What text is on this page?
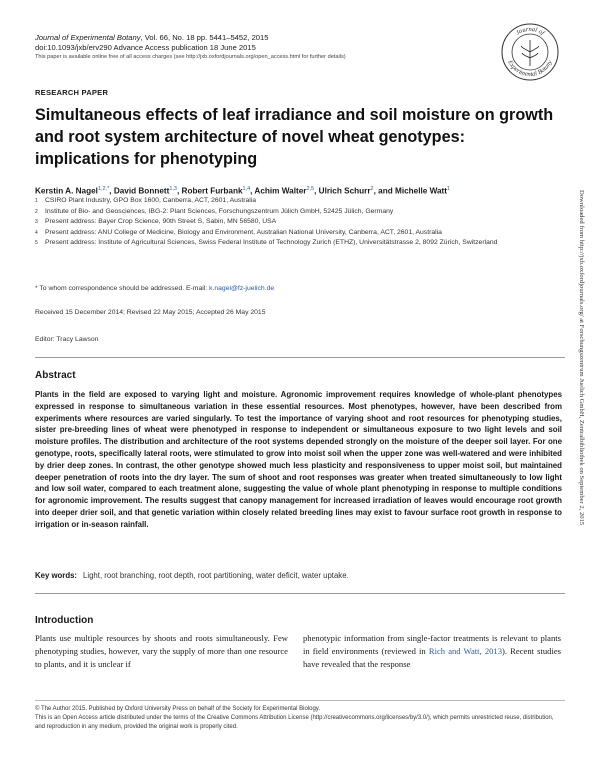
Journal of Experimental Botany, Vol. 66, No. 18 pp. 5441–5452, 2015
doi:10.1093/jxb/erv290 Advance Access publication 18 June 2015
This paper is available online free of all access charges (see http://jxb.oxfordjournals.org/open_access.html for further details)
Journal of
Experimental Botany
RESEARCH PAPER
Simultaneous effects of leaf irradiance and soil moisture on growth and root system architecture of novel wheat genotypes: implications for phenotyping
Kerstin A. Nagel$^{1,2,*}$, David Bonnett$^{1,3}$, Robert Furbank$^{1,4}$, Achim Walter$^{2,5}$, Ulrich Schurr$^2$, and Michelle Watt$^1$
1	CSIRO Plant Industry, GPO Box 1600, Canberra, ACT, 2601, Australia
2	Institute of Bio- and Geosciences, IBG-2: Plant Sciences, Forschungszentrum Jülich GmbH, 52425 Jülich, Germany
3	Present address: Bayer Crop Science, 90th Street S, Sabin, MN 56580, USA
4	Present address: ANU College of Medicine, Biology and Environment, Australian National University, Canberra, ACT, 2601, Australia
5	Present address: Institute of Agricultural Sciences, Swiss Federal Institute of Technology Zurich (ETHZ), Universitätstrasse 2, 8092 Zürich, Switzerland
* To whom correspondence should be addressed. E-mail: k.nagel@fz-juelich.de
Received 15 December 2014; Revised 22 May 2015; Accepted 26 May 2015
Editor: Tracy Lawson
Abstract

Plants in the field are exposed to varying light and moisture. Agronomic improvement requires knowledge of whole-plant phenotypes expressed in response to simultaneous variation in these essential resources. Most phenotypes, however, have been described from experiments where resources are varied singularly. To test the importance of varying shoot and root resources for phenotyping studies, sister pre-breeding lines of wheat were phenotyped in response to independent or simultaneous exposure to two light levels and soil moisture profiles. The distribution and architecture of the root systems depended strongly on the moisture of the deeper soil layer. For one genotype, roots, specifically lateral roots, were stimulated to grow into moist soil when the upper zone was well-watered and were inhibited by drier deep zones. In contrast, the other genotype showed much less plasticity and responsiveness to upper moist soil, but maintained deeper penetration of roots into the dry layer. The sum of shoot and root responses was greater when treated simultaneously to low light and low soil water, compared to each treatment alone, suggesting the value of whole plant phenotyping in response to multiple conditions for agronomic improvement. The results suggest that canopy management for increased irradiation of leaves would encourage root growth into deeper drier soil, and that genetic variation within closely related breeding lines may exist to favour surface root growth in response to irrigation or in-season rainfall.

Key words: Light, root branching, root depth, root partitioning, water deficit, water uptake.
Introduction

Plants use multiple resources by shoots and roots simultaneously. Few phenotyping studies, however, vary the supply of more than one resource to plants, and it is unclear if

phenotypic information from single-factor treatments is relevant to plants in field environments (reviewed in Rich and Watt, 2013). Recent studies have revealed that the response

© The Author 2015. Published by Oxford University Press on behalf of the Society for Experimental Biology.
This is an Open Access article distributed under the terms of the Creative Commons Attribution License (http://creativecommons.org/licenses/by/3.0/), which permits unrestricted reuse, distribution, and reproduction in any medium, provided the original work is properly cited.
Downloaded from http://jxb.oxfordjournals.org/ at Forschungszentrum Juelich GmbH, Zentralbibliothek on September 2, 2015
